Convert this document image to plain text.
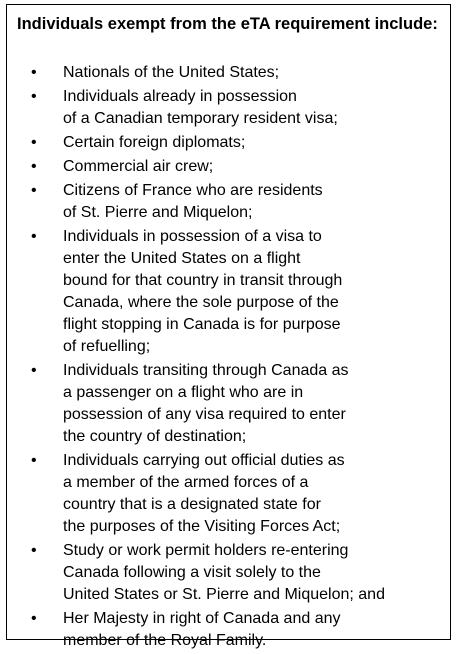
Individuals exempt from the eTA requirement include:
• Nationals of the United States;
• Individuals already in possession
of a Canadian temporary resident visa;
• Certain foreign diplomats;
• Commercial air crew;
• Citizens of France who are residents
of St. Pierre and Miquelon;
• Individuals in possession of a visa to
enter the United States on a flight
bound for that country in transit through
Canada, where the sole purpose of the
flight stopping in Canada is for purpose
of refuelling;
• Individuals transiting through Canada as
a passenger on a flight who are in
possession of any visa required to enter
the country of destination;
• Individuals carrying out official duties as
a member of the armed forces of a
country that is a designated state for
the purposes of the Visiting Forces Act;
• Study or work permit holders re-entering
Canada following a visit solely to the
United States or St. Pierre and Miquelon; and
• Her Majesty in right of Canada and any
member of the Royal Family.
